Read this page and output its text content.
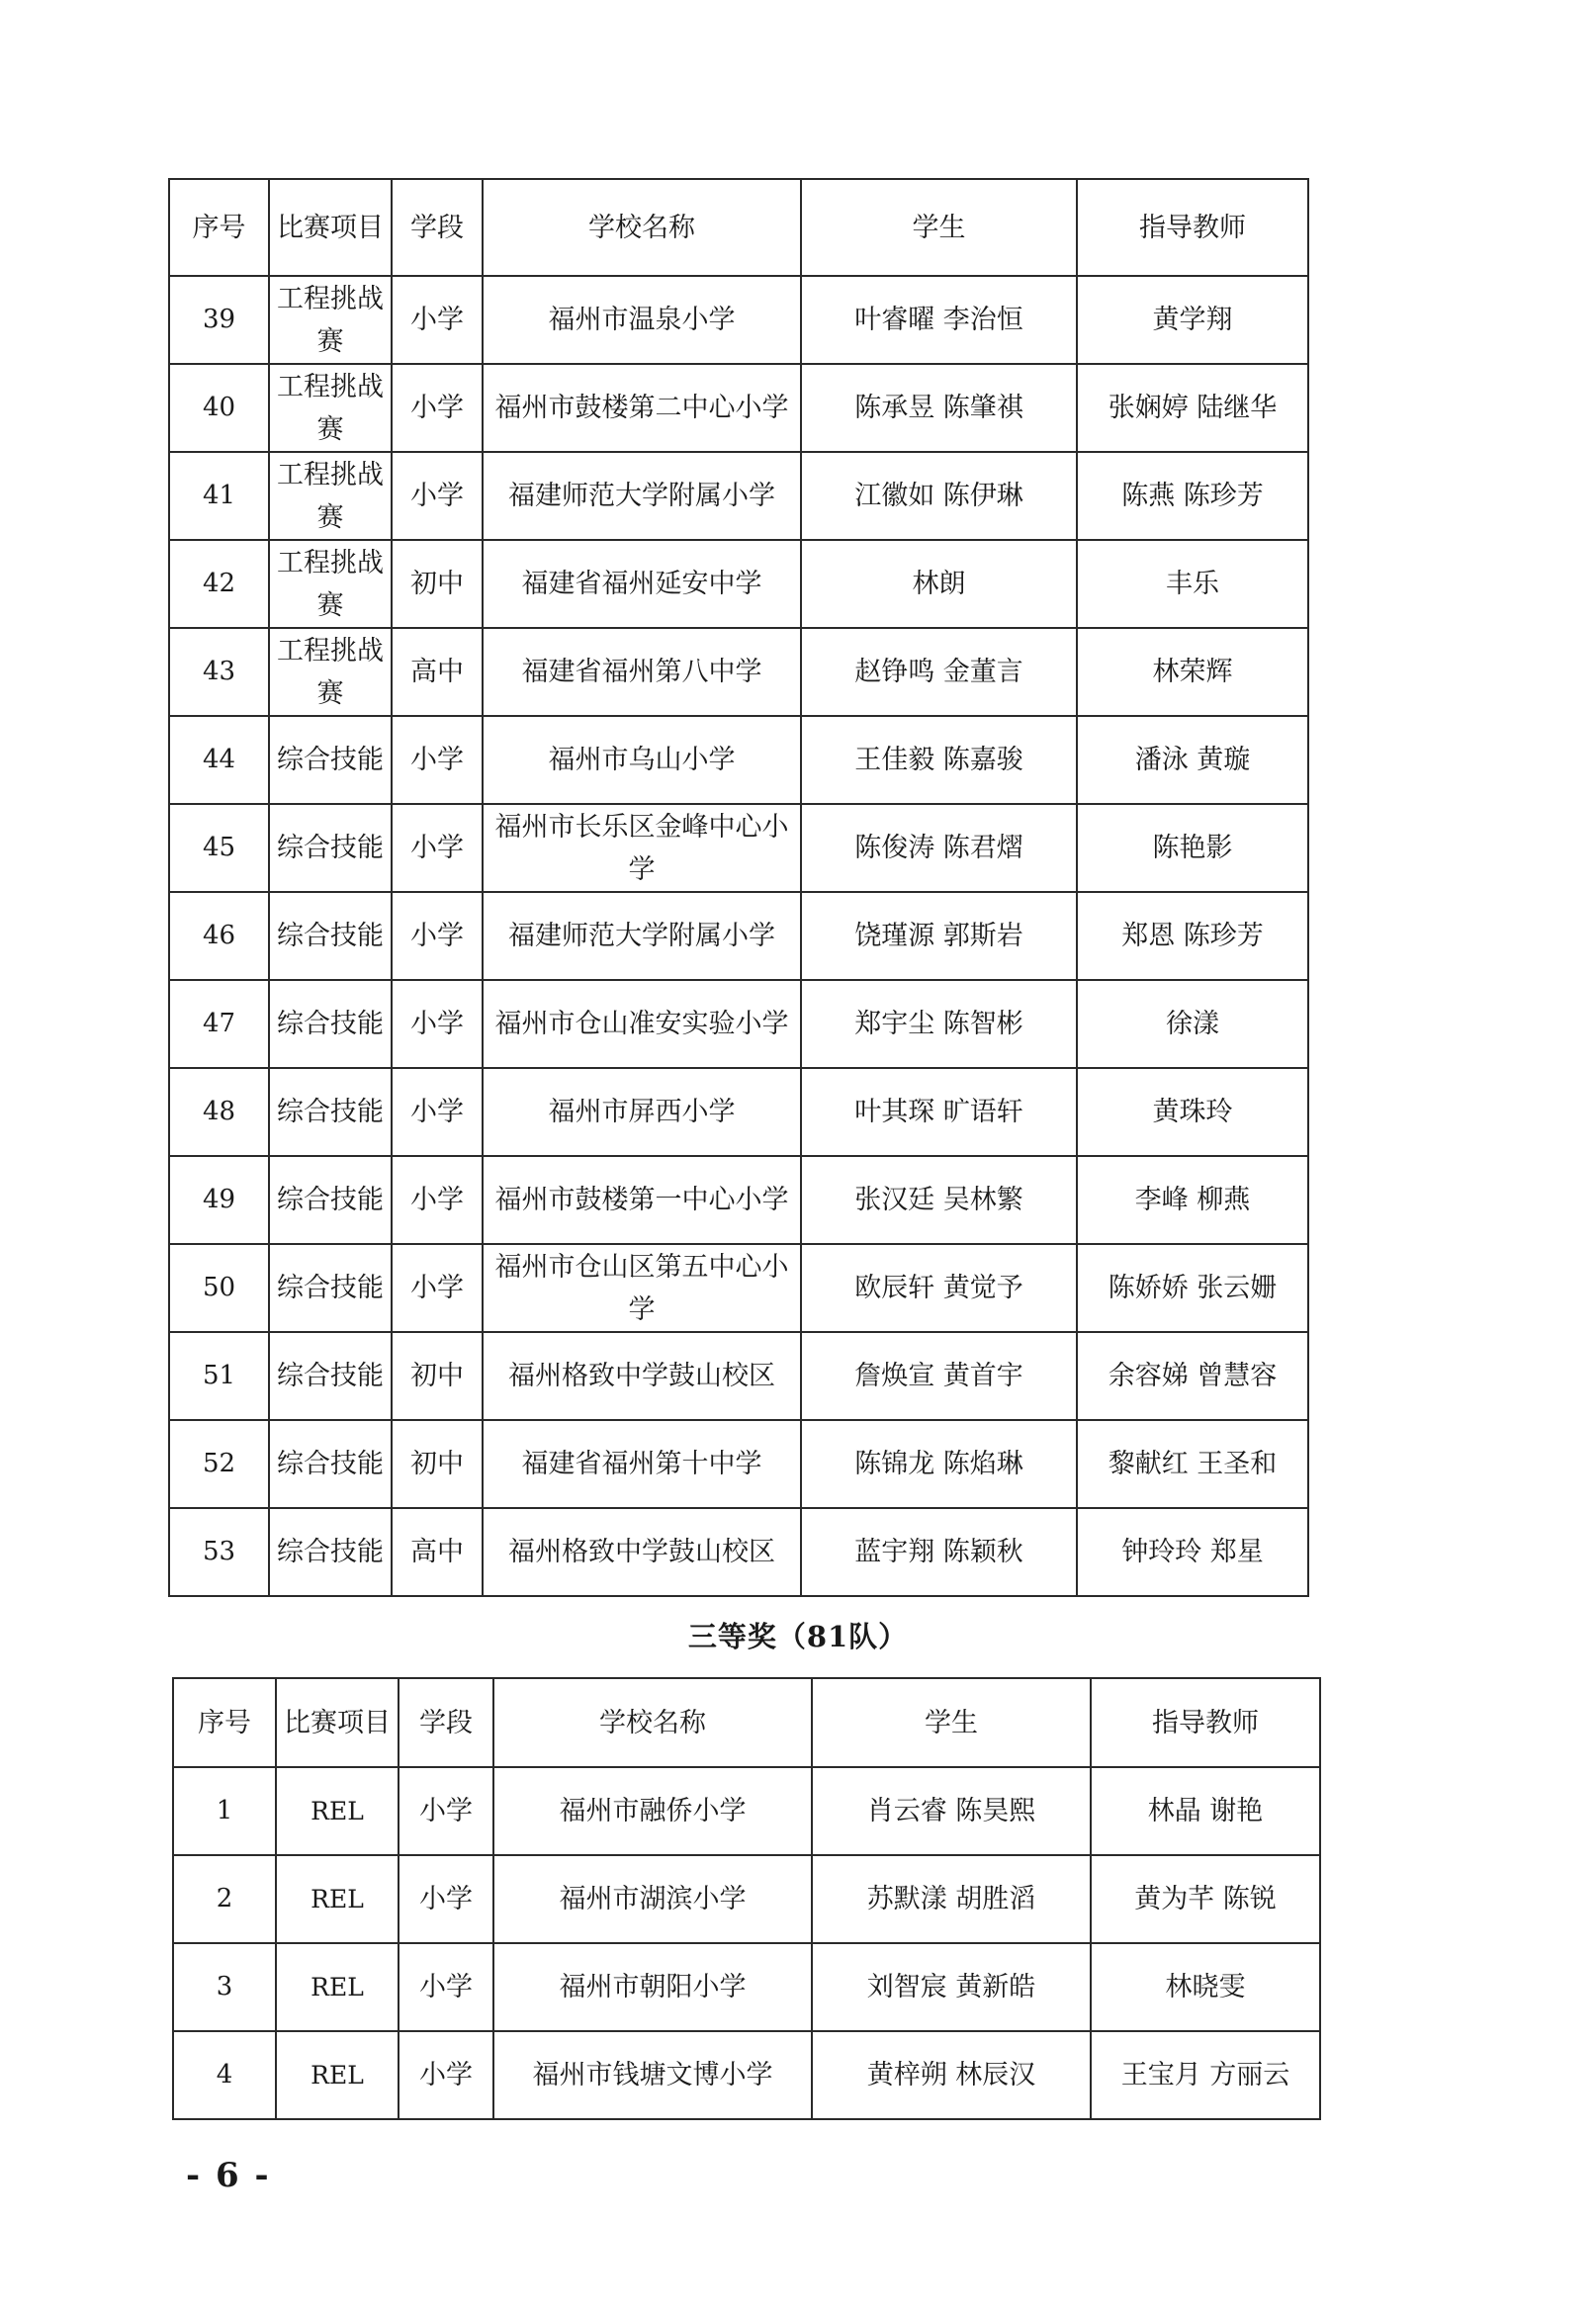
序号	比赛项目	学段	学校名称	学生	指导教师
39	工程挑战赛	小学	福州市温泉小学	叶睿曜 李治恒	黄学翔
40	工程挑战赛	小学	福州市鼓楼第二中心小学	陈承昱 陈肇祺	张娴婷 陆继华
41	工程挑战赛	小学	福建师范大学附属小学	江徽如 陈伊琳	陈燕 陈珍芳
42	工程挑战赛	初中	福建省福州延安中学	林朗	丰乐
43	工程挑战赛	高中	福建省福州第八中学	赵铮鸣 金董言	林荣辉
44	综合技能	小学	福州市乌山小学	王佳毅 陈嘉骏	潘泳 黄璇
45	综合技能	小学	福州市长乐区金峰中心小学	陈俊涛 陈君熠	陈艳影
46	综合技能	小学	福建师范大学附属小学	饶瑾源 郭斯岩	郑恩 陈珍芳
47	综合技能	小学	福州市仓山准安实验小学	郑宇尘 陈智彬	徐漾
48	综合技能	小学	福州市屏西小学	叶其琛 旷语轩	黄珠玲
49	综合技能	小学	福州市鼓楼第一中心小学	张汉廷 吴林繁	李峰 柳燕
50	综合技能	小学	福州市仓山区第五中心小学	欧辰轩 黄觉予	陈娇娇 张云姗
51	综合技能	初中	福州格致中学鼓山校区	詹焕宣 黄首宇	余容娣 曾慧容
52	综合技能	初中	福建省福州第十中学	陈锦龙 陈焰琳	黎献红 王圣和
53	综合技能	高中	福州格致中学鼓山校区	蓝宇翔 陈颖秋	钟玲玲 郑星
三等奖（81队）
序号	比赛项目	学段	学校名称	学生	指导教师
1	REL	小学	福州市融侨小学	肖云睿 陈昊熙	林晶 谢艳
2	REL	小学	福州市湖滨小学	苏默漾 胡胜滔	黄为芊 陈锐
3	REL	小学	福州市朝阳小学	刘智宸 黄新皓	林晓雯
4	REL	小学	福州市钱塘文博小学	黄梓朔 林辰汉	王宝月 方丽云
- 6 -
